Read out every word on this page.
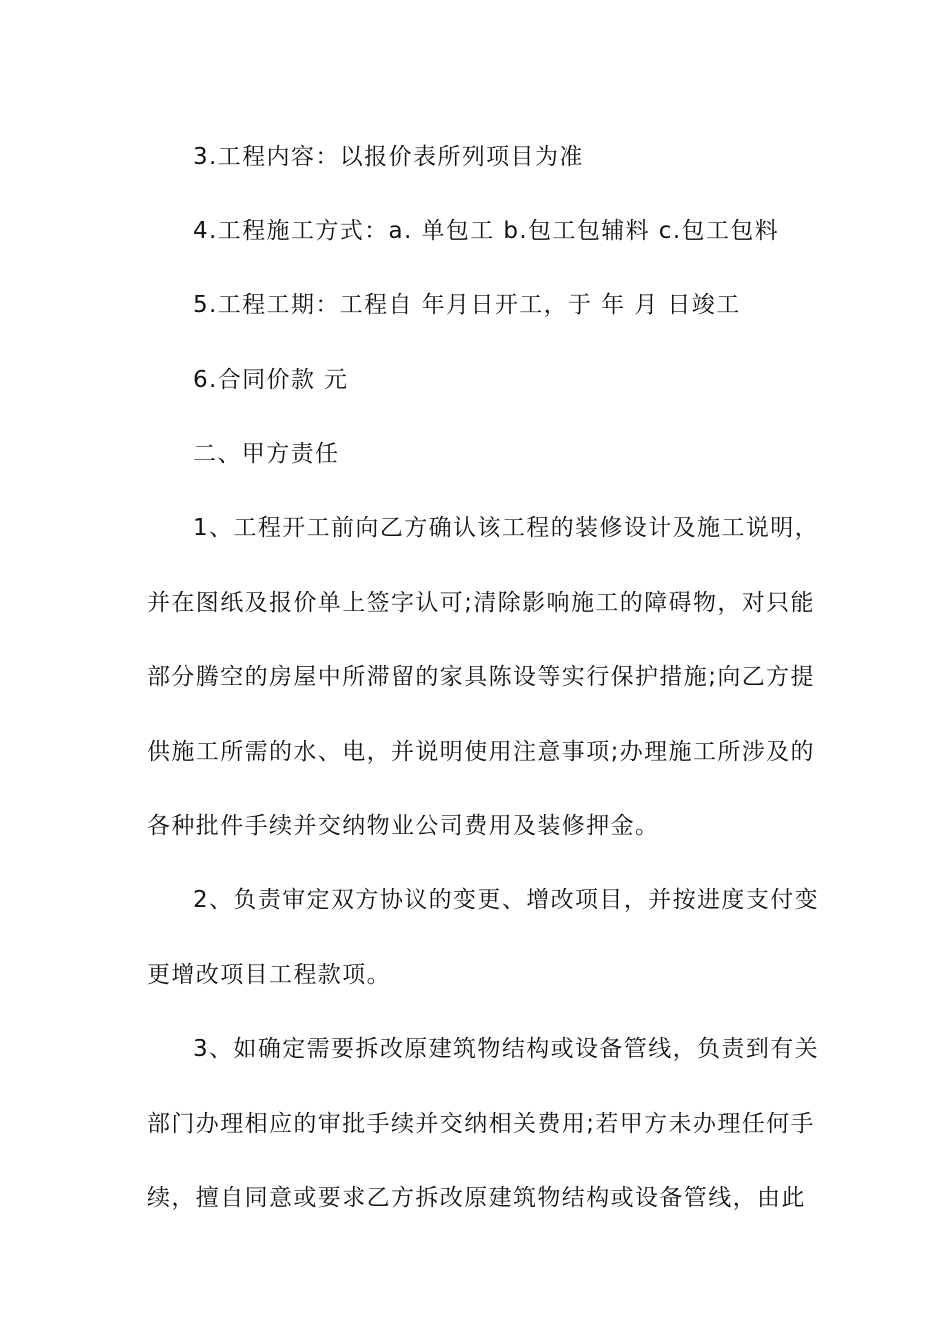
3.工程内容：以报价表所列项目为准
4.工程施工方式：a. 单包工 b.包工包辅料 c.包工包料
5.工程工期：工程自 年月日开工，于 年 月 日竣工
6.合同价款 元
二、甲方责任
1、工程开工前向乙方确认该工程的装修设计及施工说明，
并在图纸及报价单上签字认可;清除影响施工的障碍物，对只能
部分腾空的房屋中所滞留的家具陈设等实行保护措施;向乙方提
供施工所需的水、电，并说明使用注意事项;办理施工所涉及的
各种批件手续并交纳物业公司费用及装修押金。
2、负责审定双方协议的变更、增改项目，并按进度支付变
更增改项目工程款项。
3、如确定需要拆改原建筑物结构或设备管线，负责到有关
部门办理相应的审批手续并交纳相关费用;若甲方未办理任何手
续，擅自同意或要求乙方拆改原建筑物结构或设备管线，由此
